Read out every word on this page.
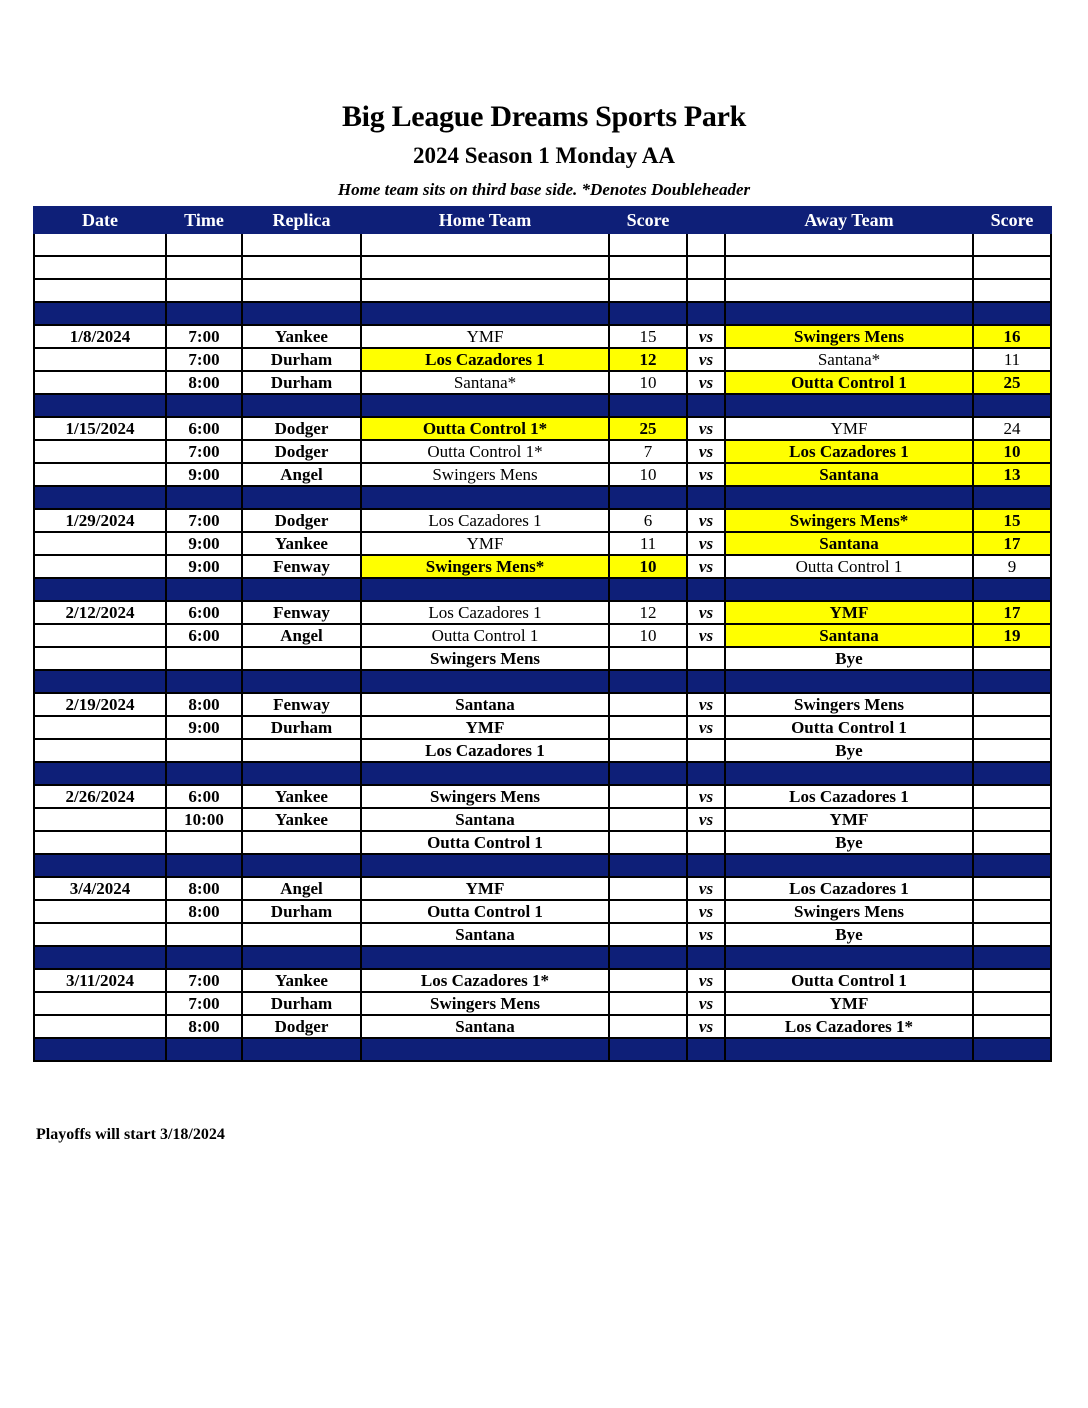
Big League Dreams Sports Park
2024 Season 1 Monday AA
Home team sits on third base side. *Denotes Doubleheader
Date	Time	Replica	Home Team	Score		Away Team	Score

1/8/2024	7:00	Yankee	YMF	15	vs	Swingers Mens	16
	7:00	Durham	Los Cazadores 1	12	vs	Santana*	11
	8:00	Durham	Santana*	10	vs	Outta Control 1	25

1/15/2024	6:00	Dodger	Outta Control 1*	25	vs	YMF	24
	7:00	Dodger	Outta Control 1*	7	vs	Los Cazadores 1	10
	9:00	Angel	Swingers Mens	10	vs	Santana	13

1/29/2024	7:00	Dodger	Los Cazadores 1	6	vs	Swingers Mens*	15
	9:00	Yankee	YMF	11	vs	Santana	17
	9:00	Fenway	Swingers Mens*	10	vs	Outta Control 1	9

2/12/2024	6:00	Fenway	Los Cazadores 1	12	vs	YMF	17
	6:00	Angel	Outta Control 1	10	vs	Santana	19
			Swingers Mens			Bye	

2/19/2024	8:00	Fenway	Santana		vs	Swingers Mens	
	9:00	Durham	YMF		vs	Outta Control 1	
			Los Cazadores 1			Bye	

2/26/2024	6:00	Yankee	Swingers Mens		vs	Los Cazadores 1	
	10:00	Yankee	Santana		vs	YMF	
			Outta Control 1			Bye	

3/4/2024	8:00	Angel	YMF		vs	Los Cazadores 1	
	8:00	Durham	Outta Control 1		vs	Swingers Mens	
			Santana		vs	Bye	

3/11/2024	7:00	Yankee	Los Cazadores 1*		vs	Outta Control 1	
	7:00	Durham	Swingers Mens		vs	YMF	
	8:00	Dodger	Santana		vs	Los Cazadores 1*	

Playoffs will start 3/18/2024
